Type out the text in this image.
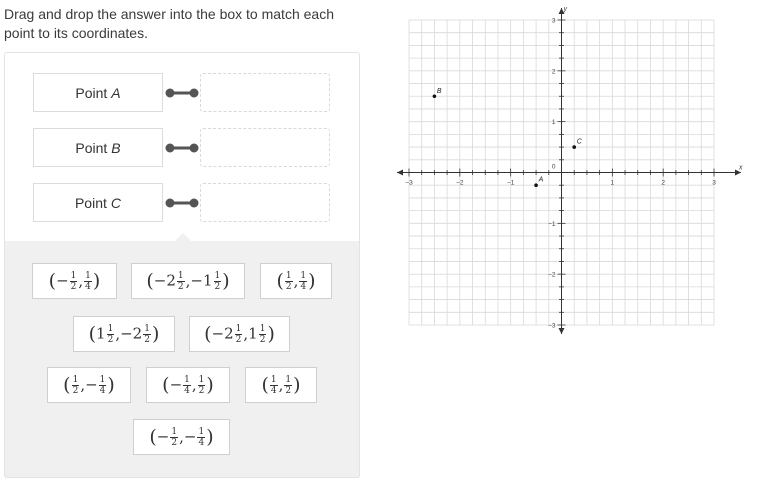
Drag and drop the answer into the box to match each point to its coordinates.
Point A
Point B
Point C
( − $\frac{1}{2}$ , $\frac{1}{4}$ ) ( $-2 \frac{1}{2}$ , $-1 \frac{1}{2}$ ) ( $\frac{1}{2}$ , $\frac{1}{4}$ )
( $1 \frac{1}{2}$ , $-2 \frac{1}{2}$ ) ( $-2 \frac{1}{2}$ , $1 \frac{1}{2}$ )
( $\frac{1}{2}$ , − $\frac{1}{4}$ ) ( − $\frac{1}{4}$ , $\frac{1}{2}$ )	( $\frac{1}{4}$ , $\frac{1}{2}$ )
( − $\frac{1}{2}$ , − $\frac{1}{4}$ )
−3	−2	−1	1	2	3
3
2
1
0
−1
−2
−3
x
y
A
B
C
